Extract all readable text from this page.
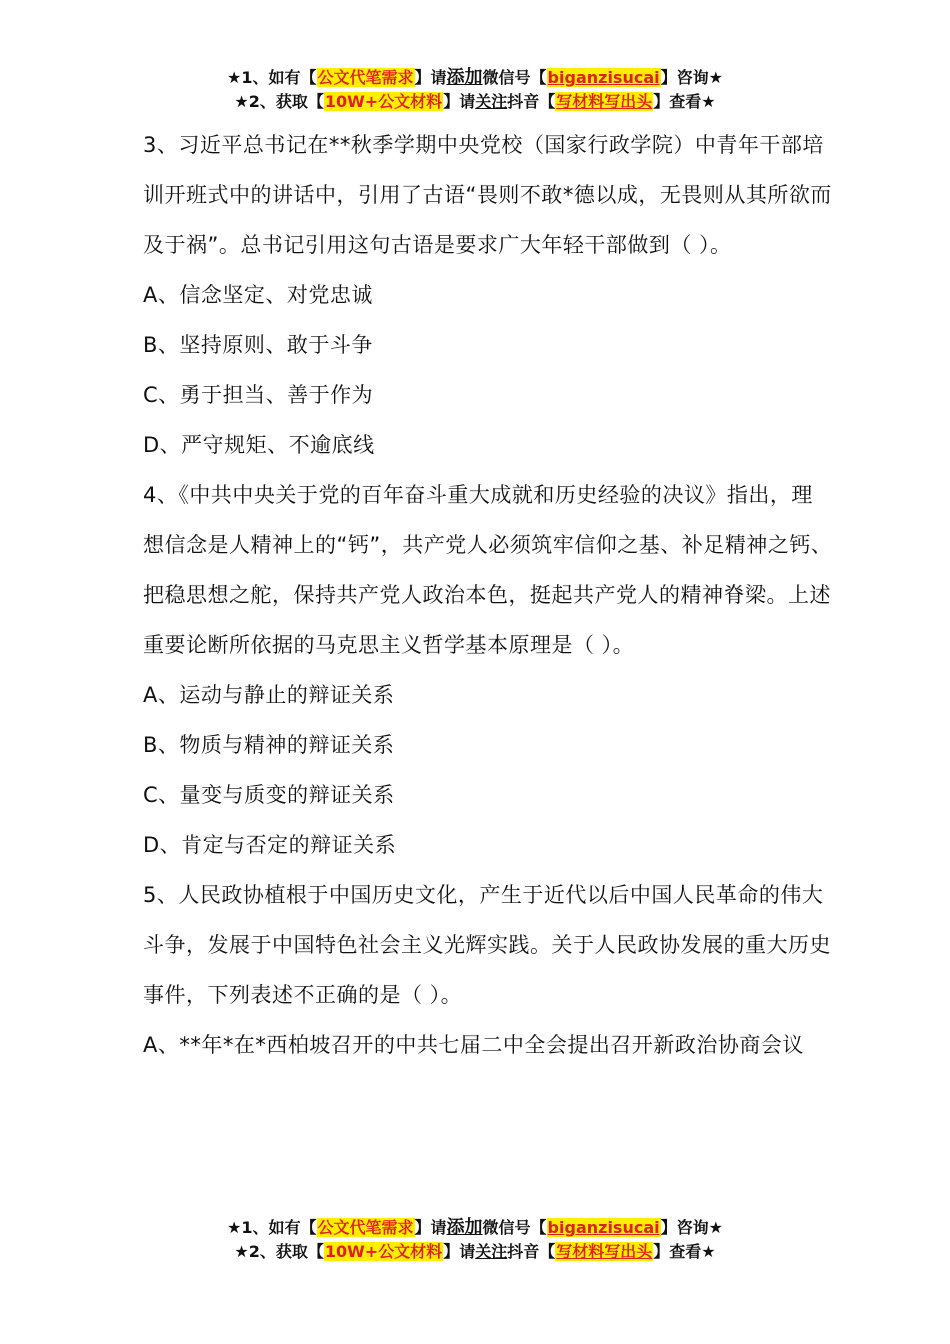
★1、如有【公文代笔需求】请添加微信号【biganzisucai】咨询★
★2、获取【10W+公文材料】请关注抖音【写材料写出头】查看★

3、习近平总书记在**秋季学期中央党校（国家行政学院）中青年干部培训开班式中的讲话中，引用了古语“畏则不敢*德以成，无畏则从其所欲而及于祸”。总书记引用这句古语是要求广大年轻干部做到（ ）。

A、信念坚定、对党忠诚

B、坚持原则、敢于斗争

C、勇于担当、善于作为

D、严守规矩、不逾底线

4、《中共中央关于党的百年奋斗重大成就和历史经验的决议》指出，理想信念是人精神上的“钙”，共产党人必须筑牢信仰之基、补足精神之钙、把稳思想之舵，保持共产党人政治本色，挺起共产党人的精神脊梁。上述重要论断所依据的马克思主义哲学基本原理是（ ）。

A、运动与静止的辩证关系

B、物质与精神的辩证关系

C、量变与质变的辩证关系

D、肯定与否定的辩证关系

5、人民政协植根于中国历史文化，产生于近代以后中国人民革命的伟大斗争，发展于中国特色社会主义光辉实践。关于人民政协发展的重大历史事件，下列表述不正确的是（ ）。

A、**年*在*西柏坡召开的中共七届二中全会提出召开新政治协商会议

★1、如有【公文代笔需求】请添加微信号【biganzisucai】咨询★
★2、获取【10W+公文材料】请关注抖音【写材料写出头】查看★
